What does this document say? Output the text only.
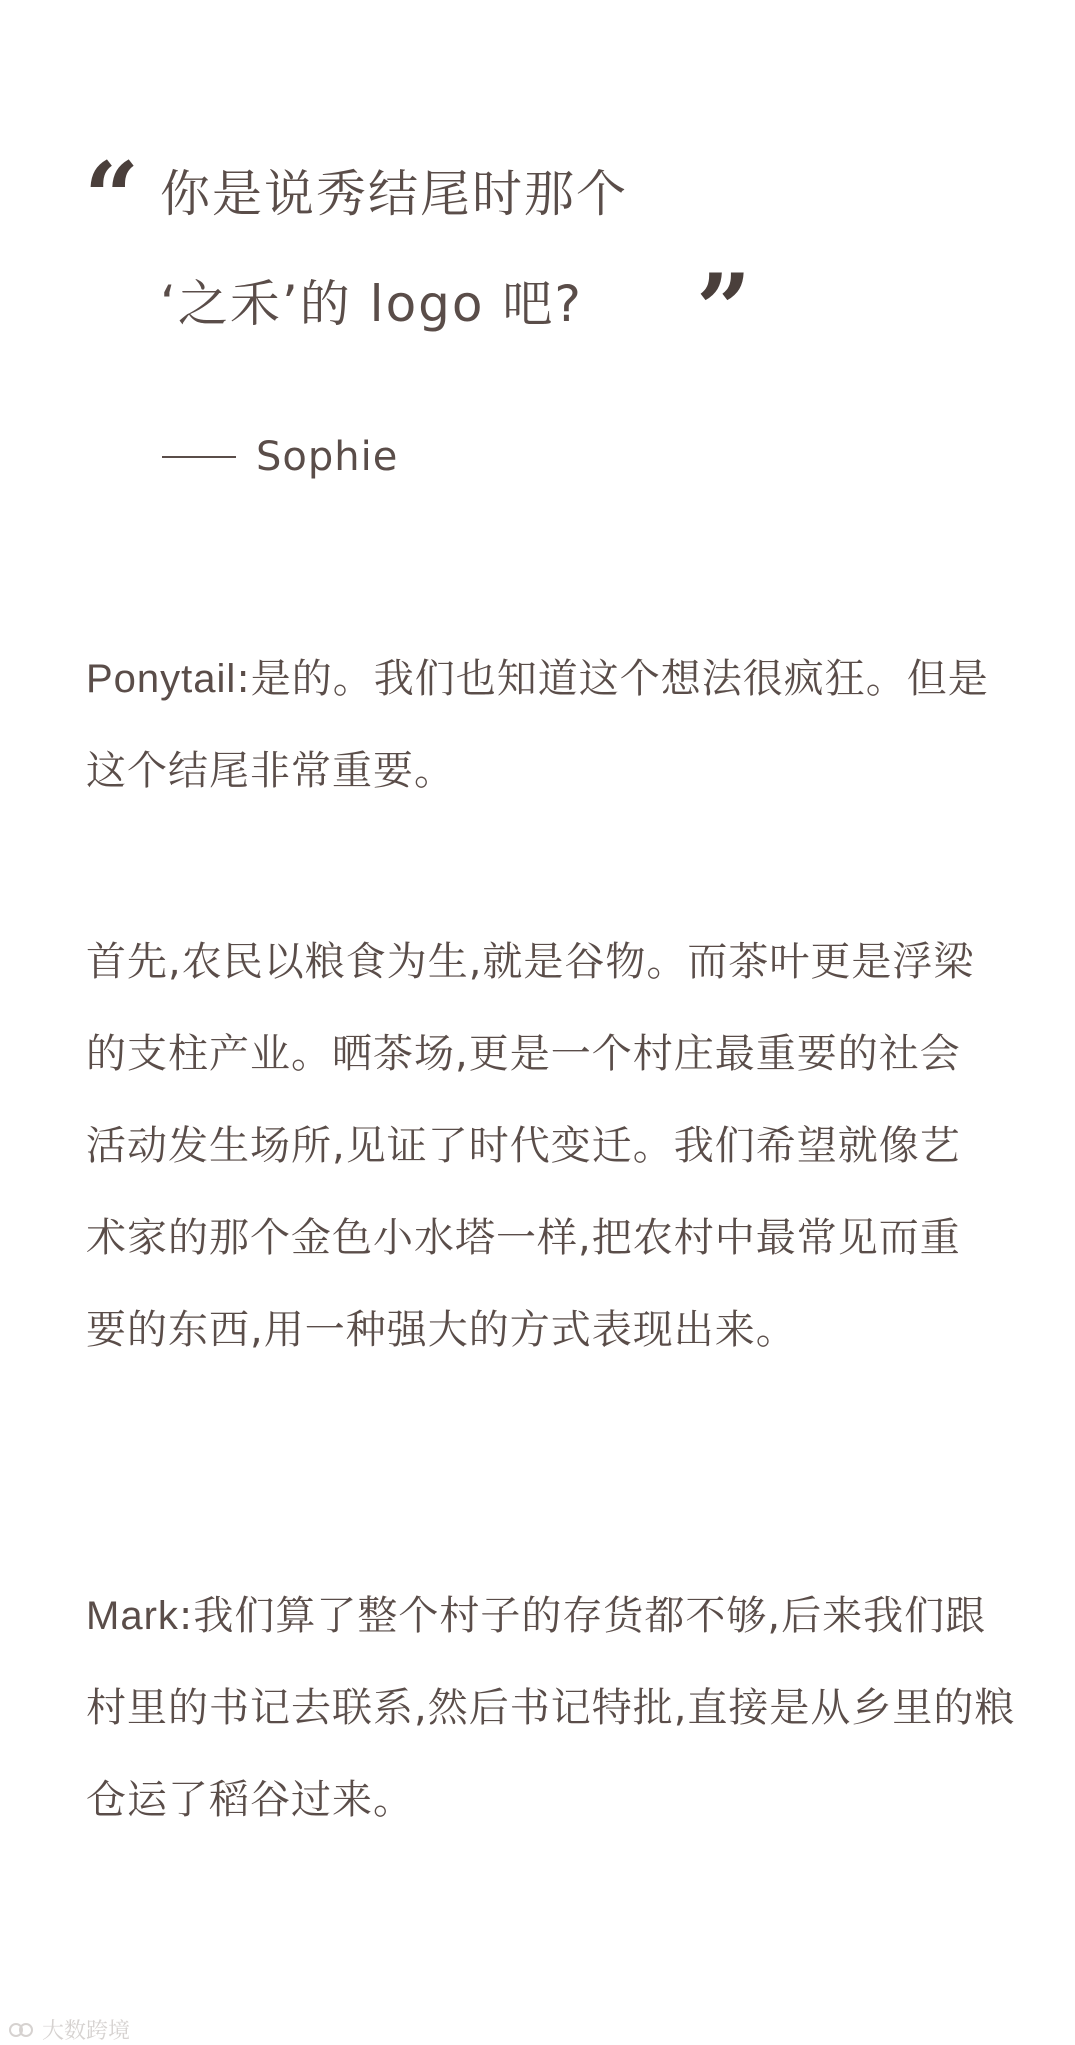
“ 你是说秀结尾时那个
‘之禾’的 logo 吧? ”
Sophie
Ponytail:是的。我们也知道这个想法很疯狂。但是这个结尾非常重要。
首先,农民以粮食为生,就是谷物。而茶叶更是浮梁的支柱产业。晒茶场,更是一个村庄最重要的社会活动发生场所,见证了时代变迁。我们希望就像艺术家的那个金色小水塔一样,把农村中最常见而重要的东西,用一种强大的方式表现出来。
Mark:我们算了整个村子的存货都不够,后来我们跟村里的书记去联系,然后书记特批,直接是从乡里的粮仓运了稻谷过来。
大数跨境
